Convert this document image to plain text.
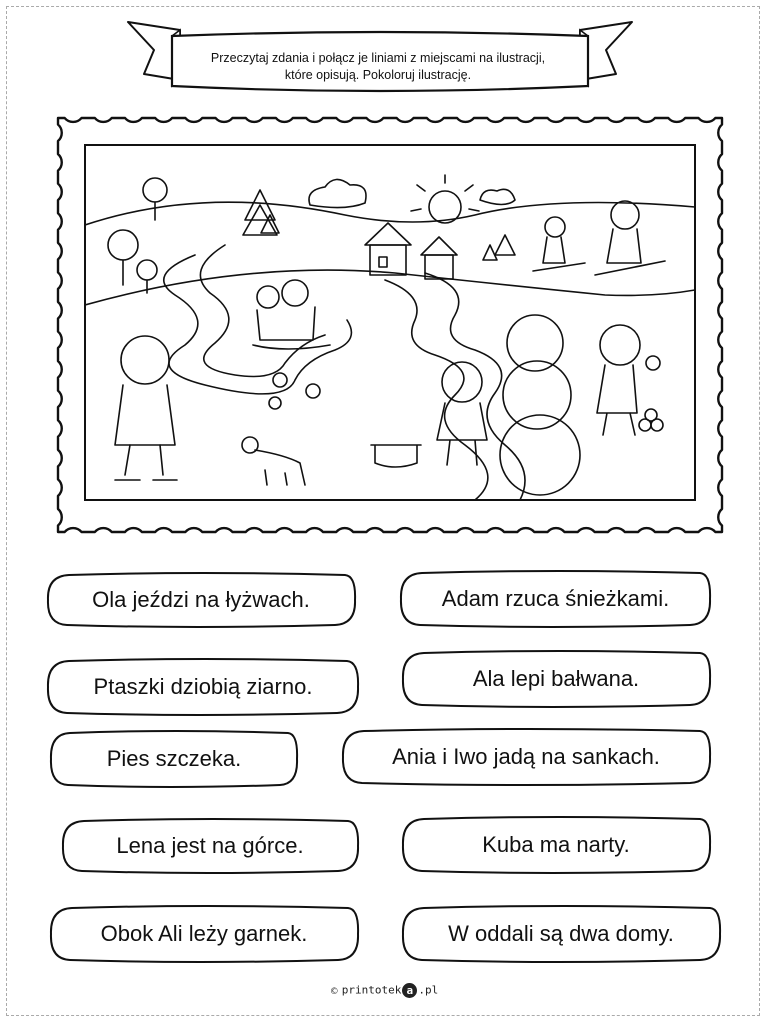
Przeczytaj zdania i połącz je liniami z miejscami na ilustracji,
które opisują. Pokoloruj ilustrację.
Ola jeździ na łyżwach.
Ptaszki dziobią ziarno.
Pies szczeka.
Lena jest na górce.
Obok Ali leży garnek.
Adam rzuca śnieżkami.
Ala lepi bałwana.
Ania i Iwo jadą na sankach.
Kuba ma narty.
W oddali są dwa domy.
© printotek a .pl
